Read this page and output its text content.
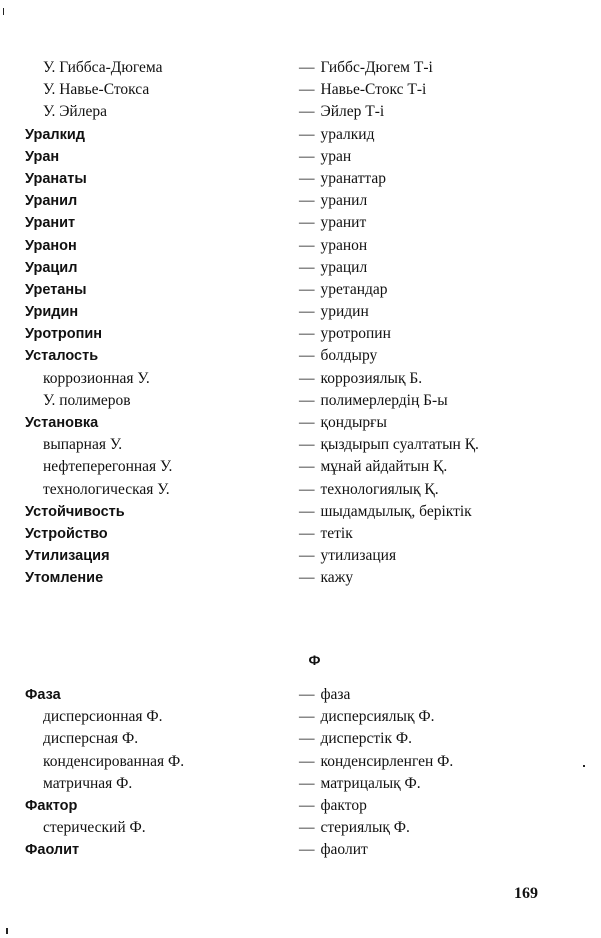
У. Гиббса-Дюгема	— Гиббс-Дюгем Т-і
У. Навье-Стокса	— Навье-Стокс Т-і
У. Эйлера	— Эйлер Т-і
Уралкид	— уралкид
Уран	— уран
Уранаты	— уранаттар
Уранил	— уранил
Уранит	— уранит
Уранон	— уранон
Урацил	— урацил
Уретаны	— уретандар
Уридин	— уридин
Уротропин	— уротропин
Усталость	— болдыру
коррозионная У.	— коррозиялық Б.
У. полимеров	— полимерлердің Б-ы
Установка	— қондырғы
выпарная У.	— қыздырып суалтатын Қ.
нефтеперегонная У.	— мұнай айдайтын Қ.
технологическая У.	— технологиялық Қ.
Устойчивость	— шыдамдылық, беріктік
Устройство	— тетік
Утилизация	— утилизация
Утомление	— кажу
Ф
Фаза	— фаза
дисперсионная Ф.	— дисперсиялық Ф.
дисперсная Ф.	— дисперстік Ф.
конденсированная Ф.	— конденсирленген Ф.
матричная Ф.	— матрицалық Ф.
Фактор	— фактор
стерический Ф.	— стериялық Ф.
Фаолит	— фаолит
169
